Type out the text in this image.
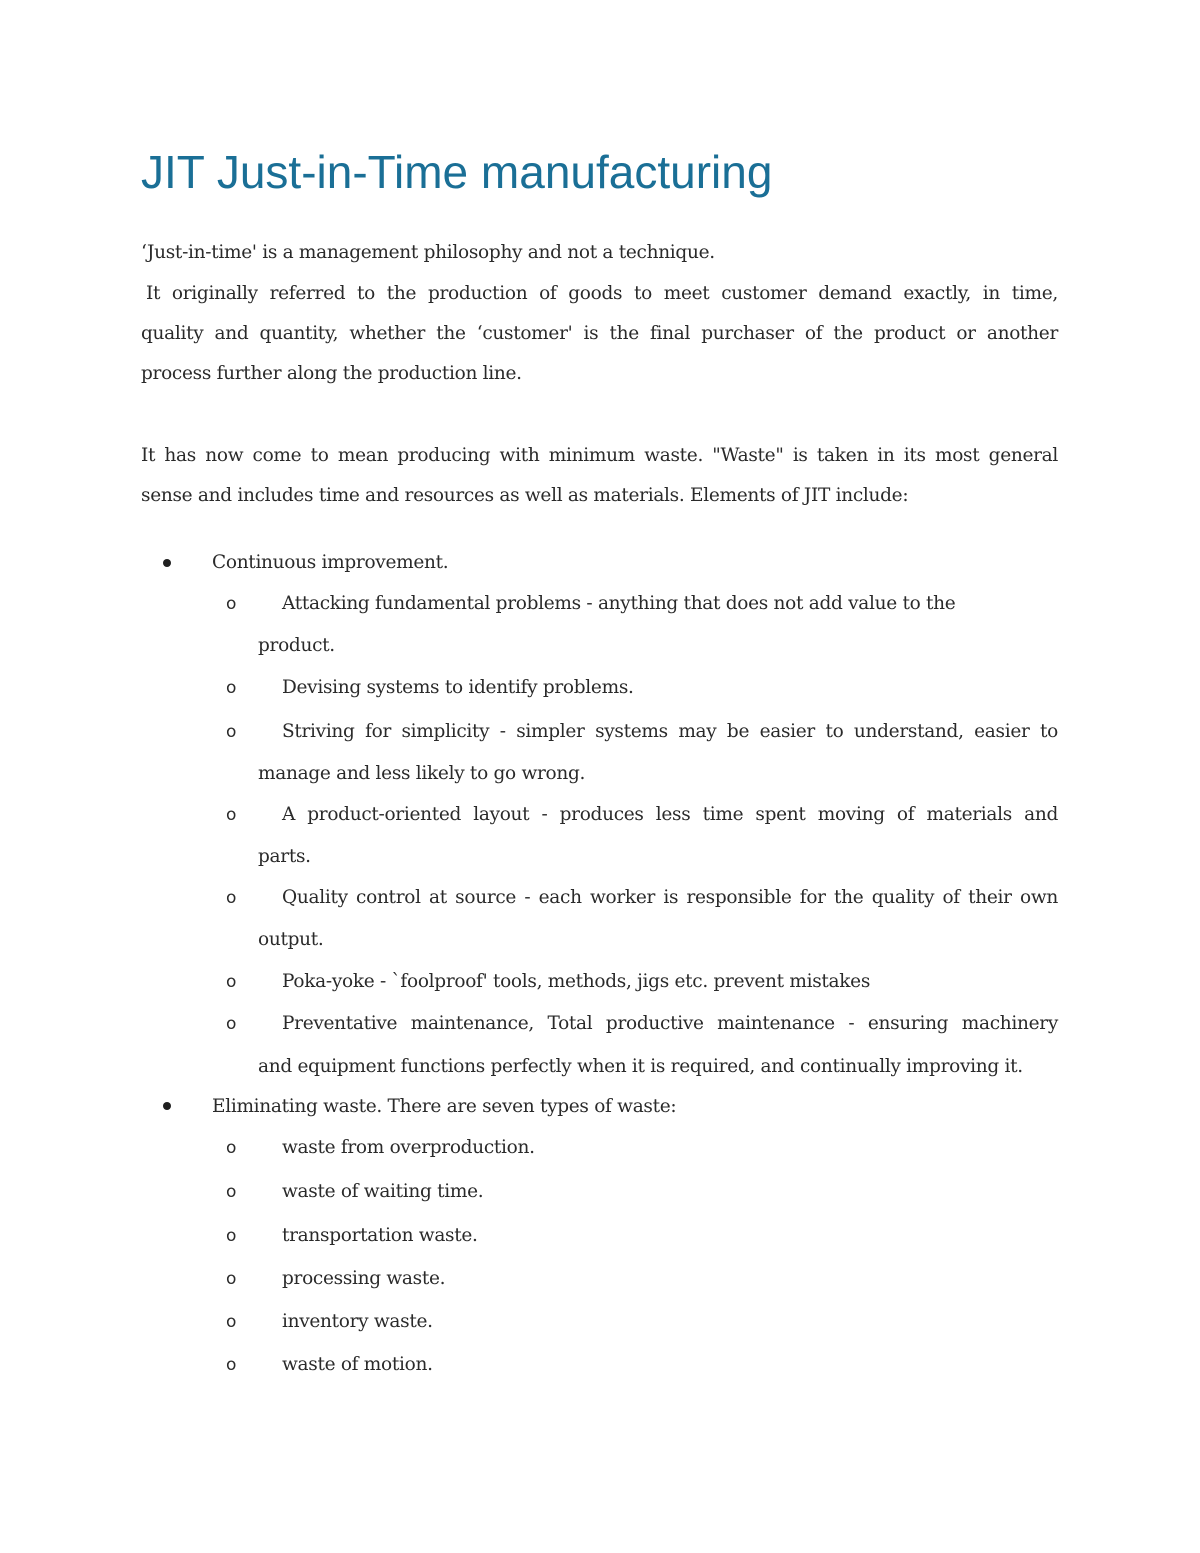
JIT Just-in-Time manufacturing
‘Just-in-time' is a management philosophy and not a technique.
It originally referred to the production of goods to meet customer demand exactly, in time,
quality and quantity, whether the ‘customer' is the final purchaser of the product or another
process further along the production line.
It has now come to mean producing with minimum waste. "Waste" is taken in its most general
sense and includes time and resources as well as materials. Elements of JIT include:
Continuous improvement.
o Attacking fundamental problems - anything that does not add value to the
product.
o Devising systems to identify problems.
o Striving for simplicity - simpler systems may be easier to understand, easier to
manage and less likely to go wrong.
o A product-oriented layout - produces less time spent moving of materials and
parts.
o Quality control at source - each worker is responsible for the quality of their own
output.
o Poka-yoke - `foolproof' tools, methods, jigs etc. prevent mistakes
o Preventative maintenance, Total productive maintenance - ensuring machinery
and equipment functions perfectly when it is required, and continually improving it.
Eliminating waste. There are seven types of waste:
o waste from overproduction.
o waste of waiting time.
o transportation waste.
o processing waste.
o inventory waste.
o waste of motion.
